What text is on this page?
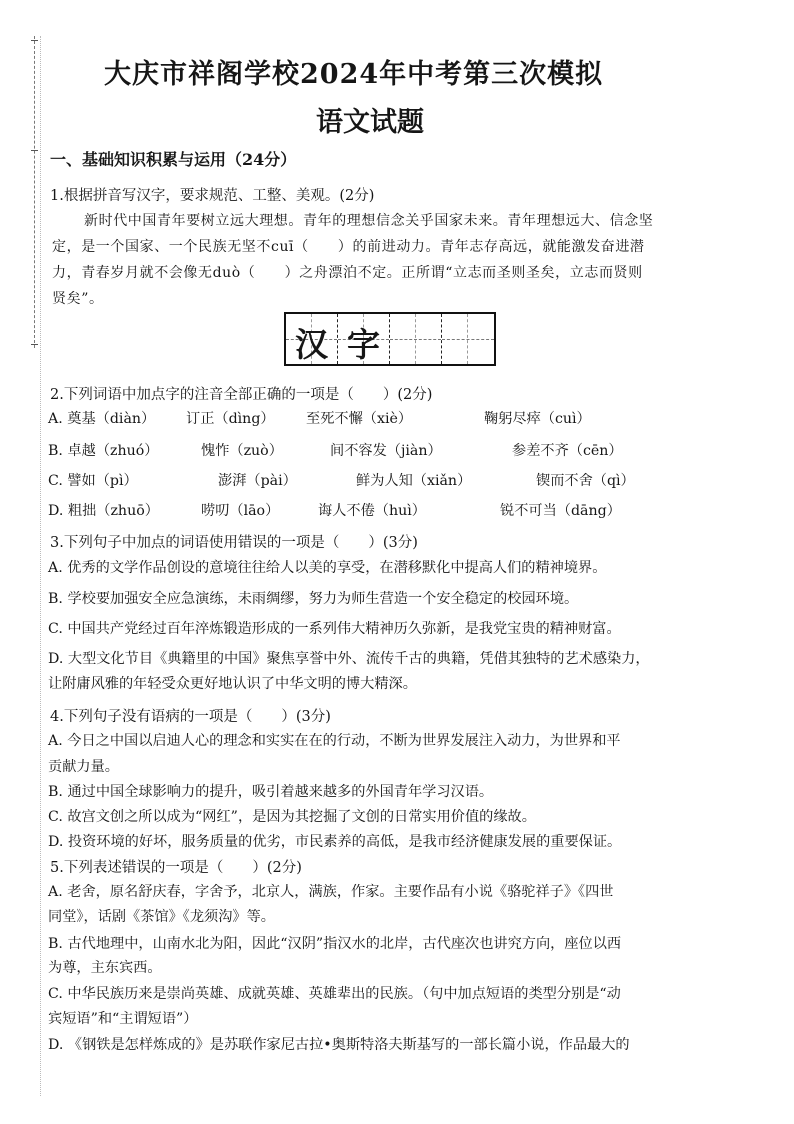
大庆市祥阁学校2024年中考第三次模拟
语文试题
一、基础知识积累与运用（24分）
1.根据拼音写汉字，要求规范、工整、美观。(2分)
新时代中国青年要树立远大理想。青年的理想信念关乎国家未来。青年理想远大、信念坚
定，是一个国家、一个民族无坚不cuī（　　）的前进动力。青年志存高远，就能激发奋进潜
力，青春岁月就不会像无duò（　　）之舟漂泊不定。正所谓“立志而圣则圣矣，立志而贤则
贤矣”。
汉 字
2.下列词语中加点字的注音全部正确的一项是（　　）(2分)
A. 奠基（diàn） 订正（dìng） 至死不懈（xiè）	鞠躬尽瘁（cuì）
B. 卓越（zhuó）	愧怍（zuò）	间不容发（jiàn）	参差不齐（cēn）
C. 譬如（pì）	澎湃（pài）	鲜为人知（xiǎn）	锲而不舍（qì）
D. 粗拙（zhuō）	唠叨（lāo）	诲人不倦（huì）	锐不可当（dāng）
3.下列句子中加点的词语使用错误的一项是（　　）(3分)
A. 优秀的文学作品创设的意境往往给人以美的享受，在潜移默化中提高人们的精神境界。
B. 学校要加强安全应急演练，未雨绸缪，努力为师生营造一个安全稳定的校园环境。
C. 中国共产党经过百年淬炼锻造形成的一系列伟大精神历久弥新，是我党宝贵的精神财富。
D. 大型文化节目《典籍里的中国》聚焦享誉中外、流传千古的典籍，凭借其独特的艺术感染力，
让附庸风雅的年轻受众更好地认识了中华文明的博大精深。
4.下列句子没有语病的一项是（　　）(3分)
A. 今日之中国以启迪人心的理念和实实在在的行动，不断为世界发展注入动力，为世界和平
贡献力量。
B. 通过中国全球影响力的提升，吸引着越来越多的外国青年学习汉语。
C. 故宫文创之所以成为“网红”，是因为其挖掘了文创的日常实用价值的缘故。
D. 投资环境的好坏，服务质量的优劣，市民素养的高低，是我市经济健康发展的重要保证。
5.下列表述错误的一项是（　　）(2分)
A. 老舍，原名舒庆春，字舍予，北京人，满族，作家。主要作品有小说《骆驼祥子》《四世
同堂》，话剧《茶馆》《龙须沟》等。
B. 古代地理中，山南水北为阳，因此“汉阴”指汉水的北岸，古代座次也讲究方向，座位以西
为尊，主东宾西。
C. 中华民族历来是崇尚英雄、成就英雄、英雄辈出的民族。（句中加点短语的类型分别是“动
宾短语”和“主谓短语”）
D. 《钢铁是怎样炼成的》是苏联作家尼古拉•奥斯特洛夫斯基写的一部长篇小说，作品最大的
